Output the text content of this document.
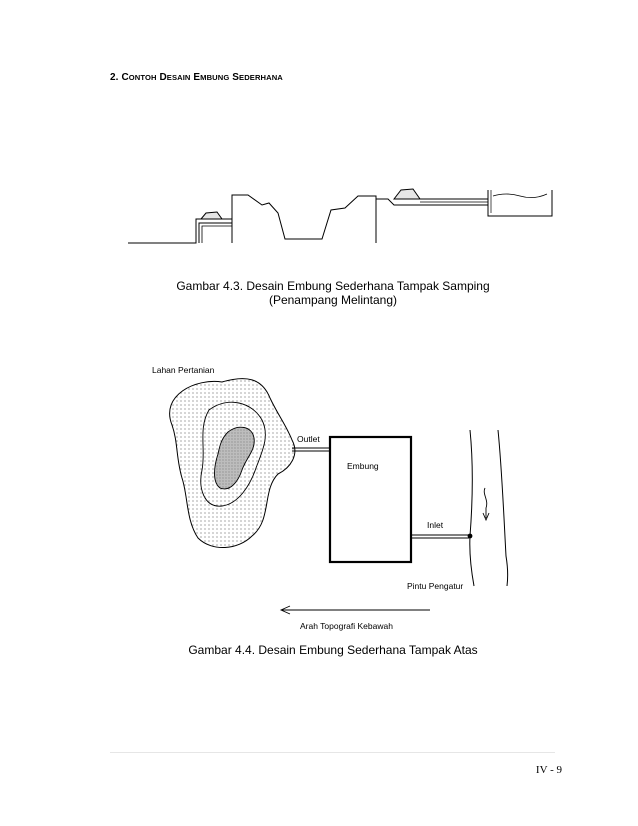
2. CONTOH DESAIN EMBUNG SEDERHANA
Gambar 4.3. Desain Embung Sederhana Tampak Samping
(Penampang Melintang)
Lahan Pertanian
Outlet
Embung
Inlet
Pintu Pengatur
Arah Topografi Kebawah
Gambar 4.4. Desain Embung Sederhana Tampak Atas
IV - 9
